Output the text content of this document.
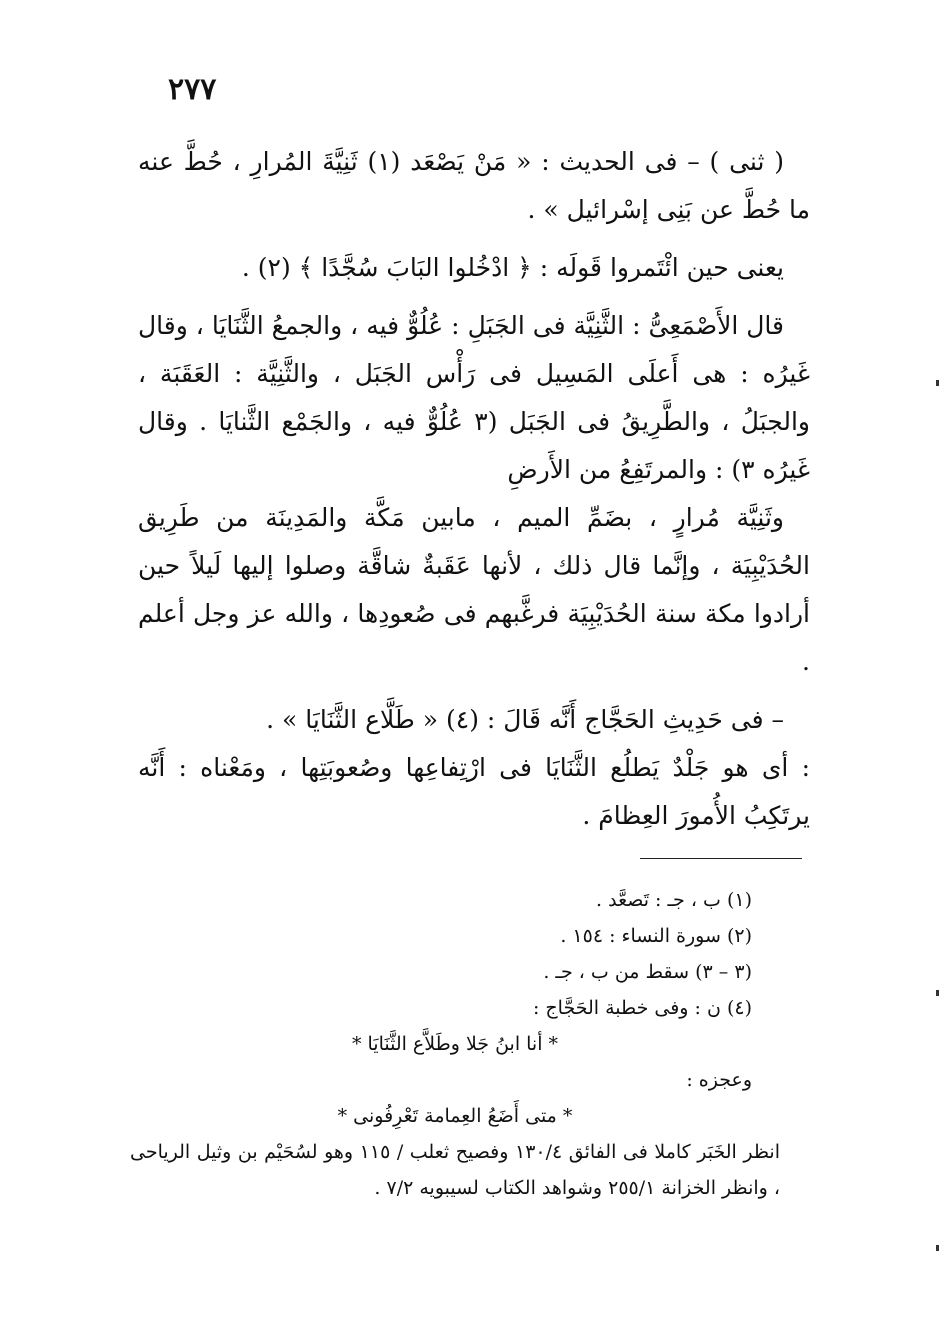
٢٧٧

( ثنى ) – فى الحديث : « مَنْ يَصْعَد (١) ثَنِيَّةَ المُرارِ ، حُطَّ عنه ما حُطَّ عن بَنِى إسْرائيل » .

يعنى حين ائْتَمروا قَولَه : ﴿ ادْخُلوا البَابَ سُجَّدًا ﴾ (٢) .

قال الأَصْمَعِىُّ : الثَّنِيَّة فى الجَبَلِ : عُلُوٌّ فيه ، والجمعُ الثَّنَايَا ، وقال غَيرُه : هى أَعلَى المَسِيل فى رَأْس الجَبَل ، والثَّنِيَّة : العَقَبَة ، والجبَلُ ، والطَّرِيقُ فى الجَبَل (٣ عُلُوٌّ فيه ، والجَمْع الثَّنايَا . وقال غَيرُه ٣) : والمرتَفِعُ من الأَرضِ

وثَنِيَّة مُرارٍ ، بضَمِّ الميم ، مابين مَكَّة والمَدِينَة من طَرِيق الحُدَيْبِيَة ، وإنَّما قال ذلك ، لأنها عَقَبةٌ شاقَّة وصلوا إليها لَيلاً حين أرادوا مكة سنة الحُدَيْبِيَة فرغَّبهم فى صُعودِها ، والله عز وجل أعلم .

– فى حَدِيثِ الحَجَّاج أَنَّه قَالَ : (٤) « طَلَّاع الثَّنَايَا » .

: أى هو جَلْدٌ يَطلُع الثَّنَايَا فى ارْتِفاعِها وصُعوبَتِها ، ومَعْناه : أَنَّه يرتَكِبُ الأُمورَ العِظامَ .

(١) ب ، جـ : تَصعَّد .

(٢) سورة النساء : ١٥٤ .

(٣ – ٣) سقط من ب ، جـ .

(٤) ن : وفى خطبة الحَجَّاج :

* أنا ابنُ جَلا وطَلاَّع الثَّنَايَا *

وعجزه :

* متى أَضَعُ العِمامة تَعْرِفُونى *

انظر الخَبَر كاملا فى الفائق ١٣٠/٤ وفصيح ثعلب / ١١٥ وهو لسُحَيْم بن وثيل الرياحى ، وانظر الخزانة ٢٥٥/١ وشواهد الكتاب لسيبويه ٧/٢ .
